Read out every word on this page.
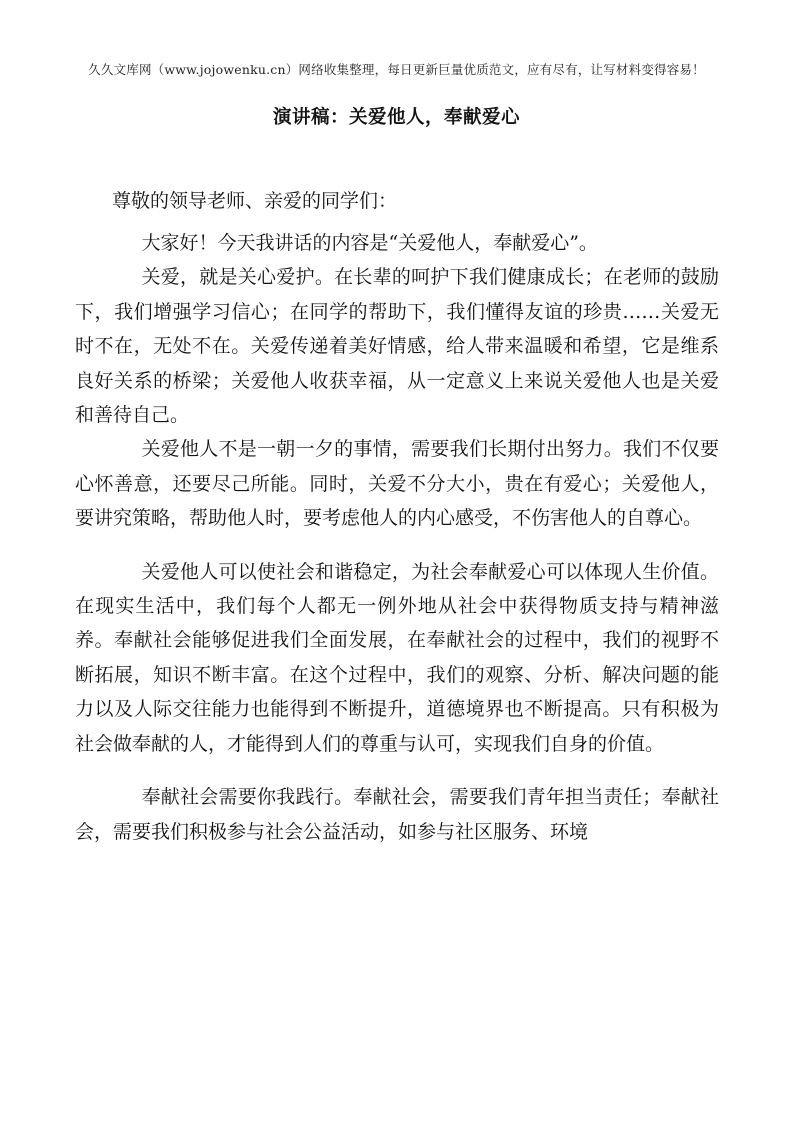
久久文库网（www.jojowenku.cn）网络收集整理，每日更新巨量优质范文，应有尽有，让写材料变得容易！
演讲稿：关爱他人，奉献爱心
尊敬的领导老师、亲爱的同学们：

大家好！今天我讲话的内容是“关爱他人，奉献爱心”。

关爱，就是关心爱护。在长辈的呵护下我们健康成长；在老师的鼓励下，我们增强学习信心；在同学的帮助下，我们懂得友谊的珍贵……关爱无时不在，无处不在。关爱传递着美好情感，给人带来温暖和希望，它是维系良好关系的桥梁；关爱他人收获幸福，从一定意义上来说关爱他人也是关爱和善待自己。

关爱他人不是一朝一夕的事情，需要我们长期付出努力。我们不仅要心怀善意，还要尽己所能。同时，关爱不分大小，贵在有爱心；关爱他人，要讲究策略，帮助他人时，要考虑他人的内心感受，不伤害他人的自尊心。

关爱他人可以使社会和谐稳定，为社会奉献爱心可以体现人生价值。在现实生活中，我们每个人都无一例外地从社会中获得物质支持与精神滋养。奉献社会能够促进我们全面发展，在奉献社会的过程中，我们的视野不断拓展，知识不断丰富。在这个过程中，我们的观察、分析、解决问题的能力以及人际交往能力也能得到不断提升，道德境界也不断提高。只有积极为社会做奉献的人，才能得到人们的尊重与认可，实现我们自身的价值。

奉献社会需要你我践行。奉献社会，需要我们青年担当责任；奉献社会，需要我们积极参与社会公益活动，如参与社区服务、环境
